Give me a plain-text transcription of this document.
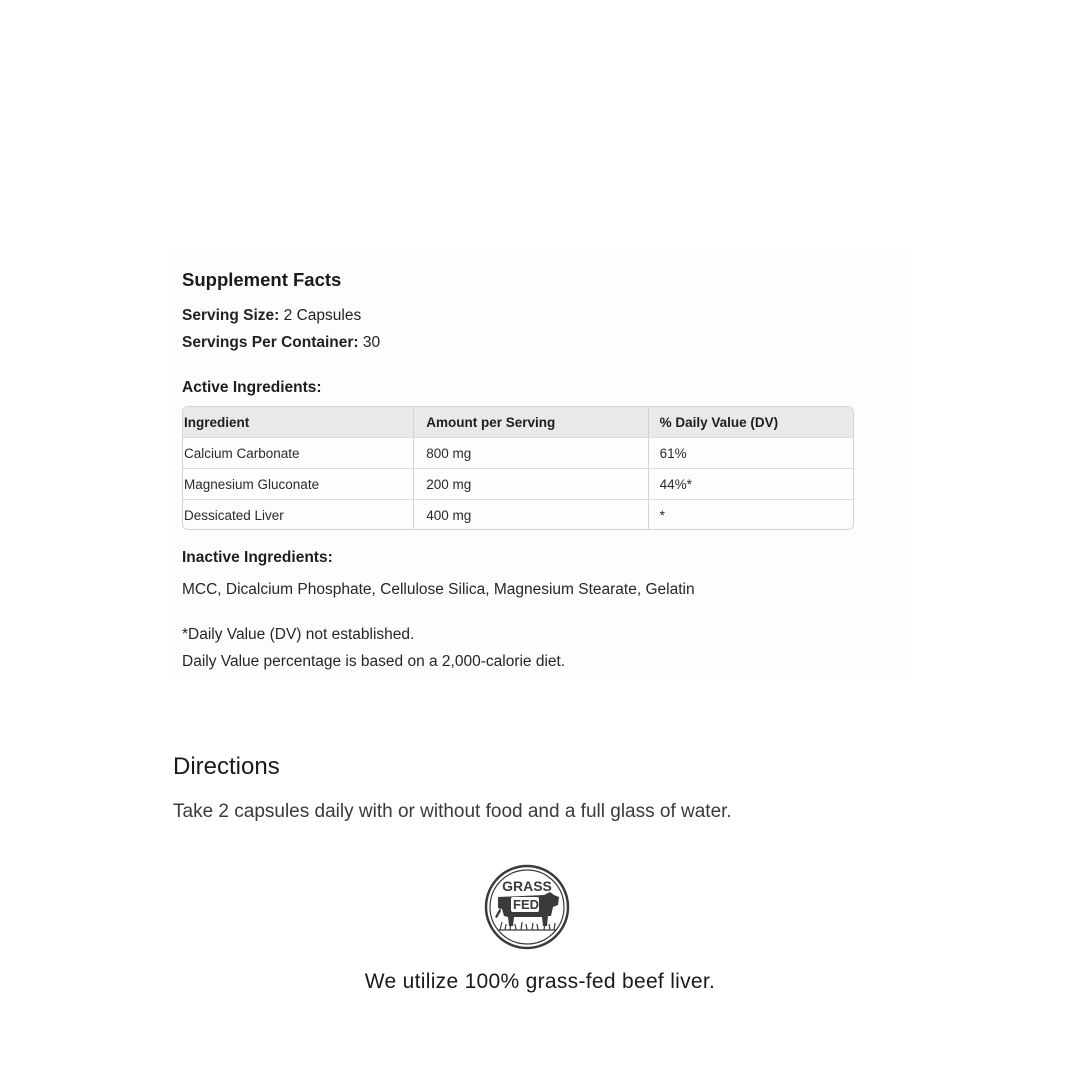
Supplement Facts
Serving Size: 2 Capsules
Servings Per Container: 30
Active Ingredients:
Ingredient	Amount per Serving	% Daily Value (DV)
Calcium Carbonate	800 mg	61%
Magnesium Gluconate	200 mg	44%*
Dessicated Liver	400 mg	*
Inactive Ingredients:
MCC, Dicalcium Phosphate, Cellulose Silica, Magnesium Stearate, Gelatin
*Daily Value (DV) not established.
Daily Value percentage is based on a 2,000-calorie diet.
Directions
Take 2 capsules daily with or without food and a full glass of water.
GRASS
FED
We utilize 100% grass-fed beef liver.
